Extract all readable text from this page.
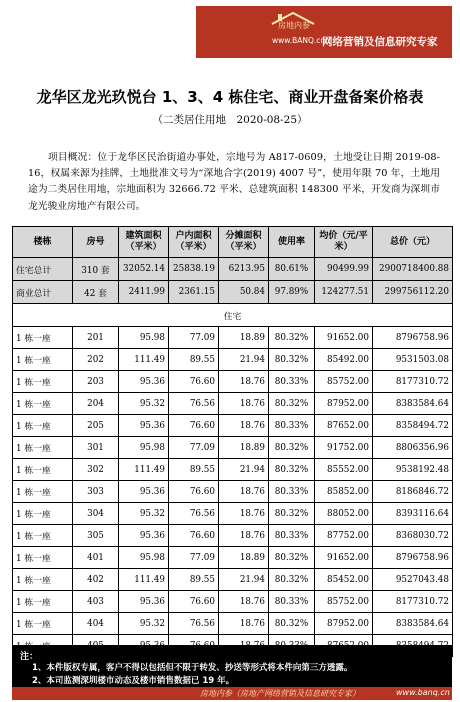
房地内参
www.BANQ.cn
网络营销及信息研究专家
龙华区龙光玖悦台 1、3、4 栋住宅、商业开盘备案价格表
（二类居住用地　2020-08-25）
项目概况：位于龙华区民治街道办事处，宗地号为 A817-0609，土地受让日期 2019-08-16，权属来源为挂牌，土地批准文号为“深地合字(2019) 4007 号”，使用年限 70 年，土地用途为二类居住用地，宗地面积为 32666.72 平米、总建筑面积 148300 平米，开发商为深圳市龙光骏业房地产有限公司。
楼栋	房号	建筑面积（平米）	户内面积（平米）	分摊面积（平米）	使用率	均价（元/平米）	总价（元）
住宅总计	310 套	32052.14	25838.19	6213.95	80.61%	90499.99	2900718400.88
商业总计	42 套	2411.99	2361.15	50.84	97.89%	124277.51	299756112.20
住宅							
1 栋一座	201	95.98	77.09	18.89	80.32%	91652.00	8796758.96
1 栋一座	202	111.49	89.55	21.94	80.32%	85492.00	9531503.08
1 栋一座	203	95.36	76.60	18.76	80.33%	85752.00	8177310.72
1 栋一座	204	95.32	76.56	18.76	80.32%	87952.00	8383584.64
1 栋一座	205	95.36	76.60	18.76	80.33%	87652.00	8358494.72
1 栋一座	301	95.98	77.09	18.89	80.32%	91752.00	8806356.96
1 栋一座	302	111.49	89.55	21.94	80.32%	85552.00	9538192.48
1 栋一座	303	95.36	76.60	18.76	80.33%	85852.00	8186846.72
1 栋一座	304	95.32	76.56	18.76	80.32%	88052.00	8393116.64
1 栋一座	305	95.36	76.60	18.76	80.33%	87752.00	8368030.72
1 栋一座	401	95.98	77.09	18.89	80.32%	91652.00	8796758.96
1 栋一座	402	111.49	89.55	21.94	80.32%	85452.00	9527043.48
1 栋一座	403	95.36	76.60	18.76	80.33%	85752.00	8177310.72
1 栋一座	404	95.32	76.56	18.76	80.32%	87952.00	8383584.64

注：
1、本件版权专属，客户不得以包括但不限于转发、抄送等形式将本件向第三方透露。
2、本司监测深圳楼市动态及楼市销售数据已 19 年。
房地内参（房地产网络营销及信息研究专家）	www.banq.cn
1
